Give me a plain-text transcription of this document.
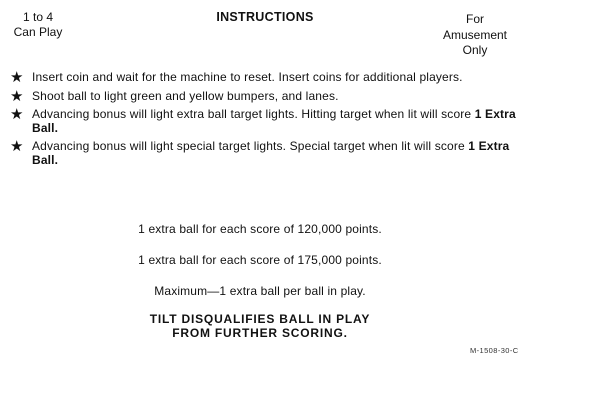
1 to 4
Can Play
INSTRUCTIONS	For
Amusement
Only
★ Insert coin and wait for the machine to reset. Insert coins for additional players.
★ Shoot ball to light green and yellow bumpers, and lanes.
★ Advancing bonus will light extra ball target lights. Hitting target when lit will score 1 Extra Ball.
★ Advancing bonus will light special target lights. Special target when lit will score 1 Extra Ball.
1 extra ball for each score of 120,000 points.
1 extra ball for each score of 175,000 points.
Maximum—1 extra ball per ball in play.
TILT DISQUALIFIES BALL IN PLAY
FROM FURTHER SCORING.
M-1508-30-C
